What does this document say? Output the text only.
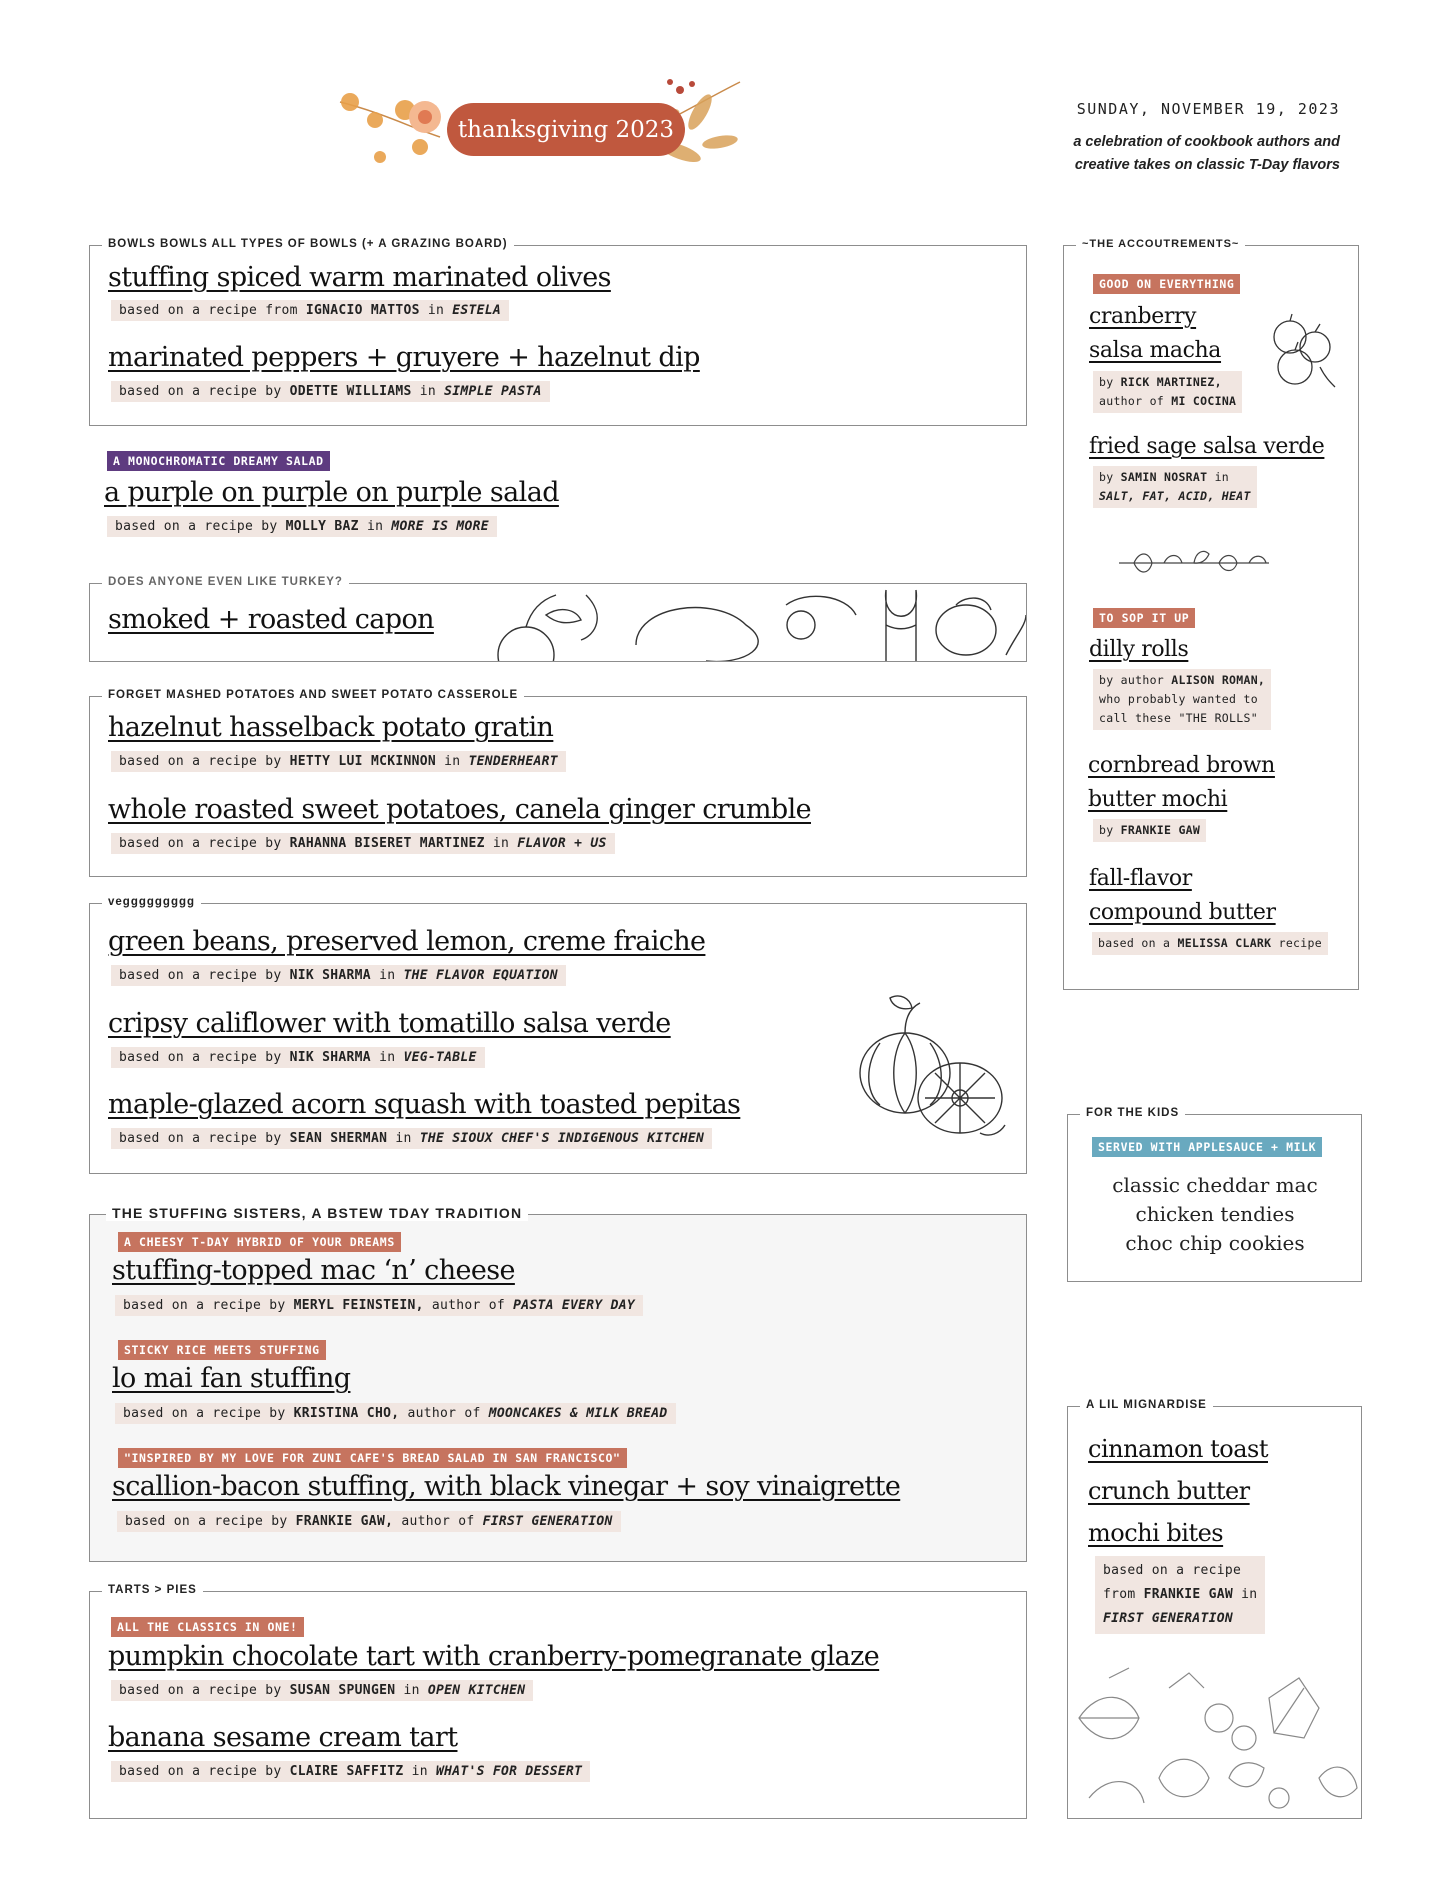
thanksgiving 2023
SUNDAY, NOVEMBER 19, 2023
a celebration of cookbook authors and
creative takes on classic T-Day flavors
BOWLS BOWLS ALL TYPES OF BOWLS (+ A GRAZING BOARD)
stuffing spiced warm marinated olives
based on a recipe from IGNACIO MATTOS in ESTELA
marinated peppers + gruyere + hazelnut dip
based on a recipe by ODETTE WILLIAMS in SIMPLE PASTA
A MONOCHROMATIC DREAMY SALAD
a purple on purple on purple salad
based on a recipe by MOLLY BAZ in MORE IS MORE
DOES ANYONE EVEN LIKE TURKEY?
smoked + roasted capon
FORGET MASHED POTATOES AND SWEET POTATO CASSEROLE
hazelnut hasselback potato gratin
based on a recipe by HETTY LUI MCKINNON in TENDERHEART
whole roasted sweet potatoes, canela ginger crumble
based on a recipe by RAHANNA BISERET MARTINEZ in FLAVOR + US
veggggggggg
green beans, preserved lemon, creme fraiche
based on a recipe by NIK SHARMA in THE FLAVOR EQUATION
cripsy califlower with tomatillo salsa verde
based on a recipe by NIK SHARMA in VEG-TABLE
maple-glazed acorn squash with toasted pepitas
based on a recipe by SEAN SHERMAN in THE SIOUX CHEF'S INDIGENOUS KITCHEN
THE STUFFING SISTERS, A BSTEW TDAY TRADITION
A CHEESY T-DAY HYBRID OF YOUR DREAMS
stuffing-topped mac ‘n’ cheese
based on a recipe by MERYL FEINSTEIN, author of PASTA EVERY DAY
STICKY RICE MEETS STUFFING
lo mai fan stuffing
based on a recipe by KRISTINA CHO, author of MOONCAKES & MILK BREAD
"INSPIRED BY MY LOVE FOR ZUNI CAFE'S BREAD SALAD IN SAN FRANCISCO"
scallion-bacon stuffing, with black vinegar + soy vinaigrette
based on a recipe by FRANKIE GAW, author of FIRST GENERATION
TARTS > PIES
ALL THE CLASSICS IN ONE!
pumpkin chocolate tart with cranberry-pomegranate glaze
based on a recipe by SUSAN SPUNGEN in OPEN KITCHEN
banana sesame cream tart
based on a recipe by CLAIRE SAFFITZ in WHAT'S FOR DESSERT
~THE ACCOUTREMENTS~
GOOD ON EVERYTHING
cranberry
salsa macha
by RICK MARTINEZ,
author of MI COCINA
fried sage salsa verde
by SAMIN NOSRAT in
SALT, FAT, ACID, HEAT
TO SOP IT UP
dilly rolls
by author ALISON ROMAN,
who probably wanted to
call these "THE ROLLS"
cornbread brown
butter mochi
by FRANKIE GAW
fall-flavor
compound butter
based on a MELISSA CLARK recipe
FOR THE KIDS
SERVED WITH APPLESAUCE + MILK
classic cheddar mac
chicken tendies
choc chip cookies
A LIL MIGNARDISE
cinnamon toast
crunch butter
mochi bites
based on a recipe
from FRANKIE GAW in
FIRST GENERATION
